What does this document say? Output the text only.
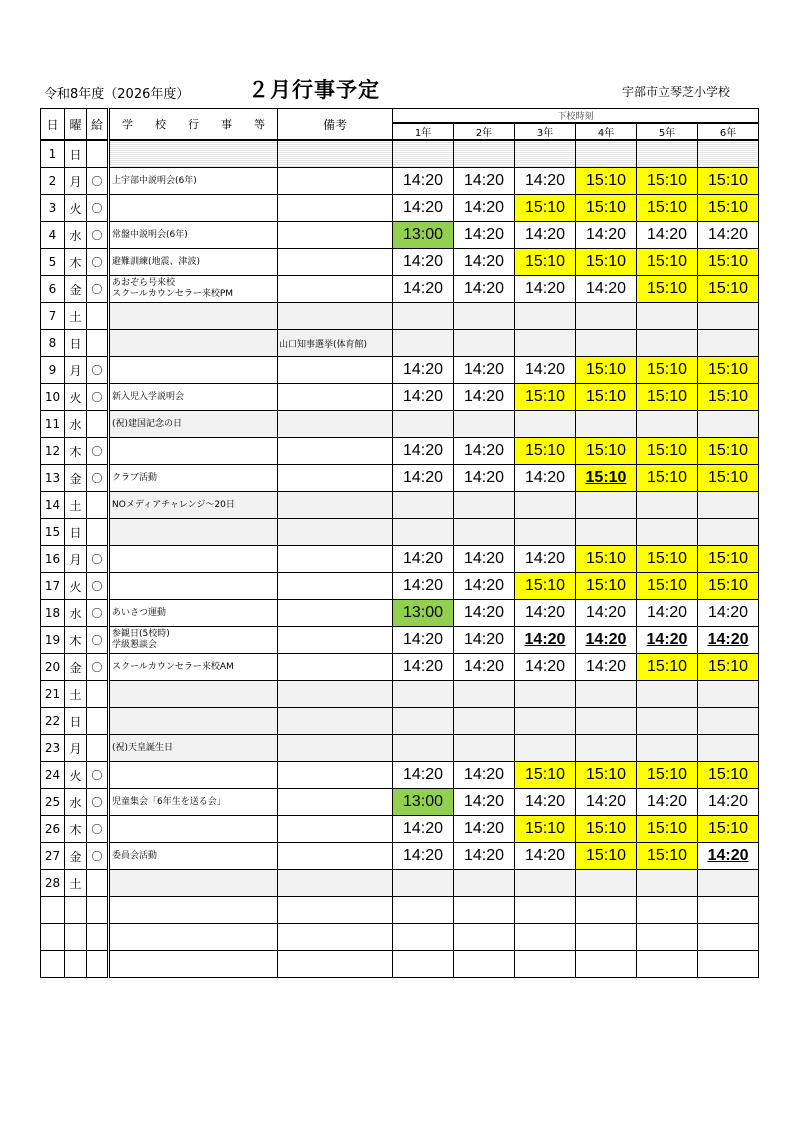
令和8年度（2026年度）	２月行事予定	宇部市立琴芝小学校
日	曜	給	学　　校　　行　　事　　等	備考	下校時刻					
					1年	2年	3年	4年	5年	6年
1	日									
2	月	〇	上宇部中説明会(6年)		14:20	14:20	14:20	15:10	15:10	15:10
3	火	〇			14:20	14:20	15:10	15:10	15:10	15:10
4	水	〇	常盤中説明会(6年)		13:00	14:20	14:20	14:20	14:20	14:20
5	木	〇	避難訓練(地震、津波)		14:20	14:20	15:10	15:10	15:10	15:10
6	金	〇	あおぞら号来校
スクールカウンセラー来校PM		14:20	14:20	14:20	14:20	15:10	15:10
7	土									
8	日			山口知事選挙(体育館)						
9	月	〇			14:20	14:20	14:20	15:10	15:10	15:10
10	火	〇	新入児入学説明会		14:20	14:20	15:10	15:10	15:10	15:10
11	水		(祝)建国記念の日							
12	木	〇			14:20	14:20	15:10	15:10	15:10	15:10
13	金	〇	クラブ活動		14:20	14:20	14:20	15:10	15:10	15:10
14	土		NOメディアチャレンジ～20日							
15	日									
16	月	〇			14:20	14:20	14:20	15:10	15:10	15:10
17	火	〇			14:20	14:20	15:10	15:10	15:10	15:10
18	水	〇	あいさつ運動		13:00	14:20	14:20	14:20	14:20	14:20
19	木	〇	参観日(5校時)
学級懇談会		14:20	14:20	14:20	14:20	14:20	14:20
20	金	〇	スクールカウンセラー来校AM		14:20	14:20	14:20	14:20	15:10	15:10
21	土									
22	日									
23	月		(祝)天皇誕生日							
24	火	〇			14:20	14:20	15:10	15:10	15:10	15:10
25	水	〇	児童集会「6年生を送る会」		13:00	14:20	14:20	14:20	14:20	14:20
26	木	〇			14:20	14:20	15:10	15:10	15:10	15:10
27	金	〇	委員会活動		14:20	14:20	14:20	15:10	15:10	14:20
28	土									
